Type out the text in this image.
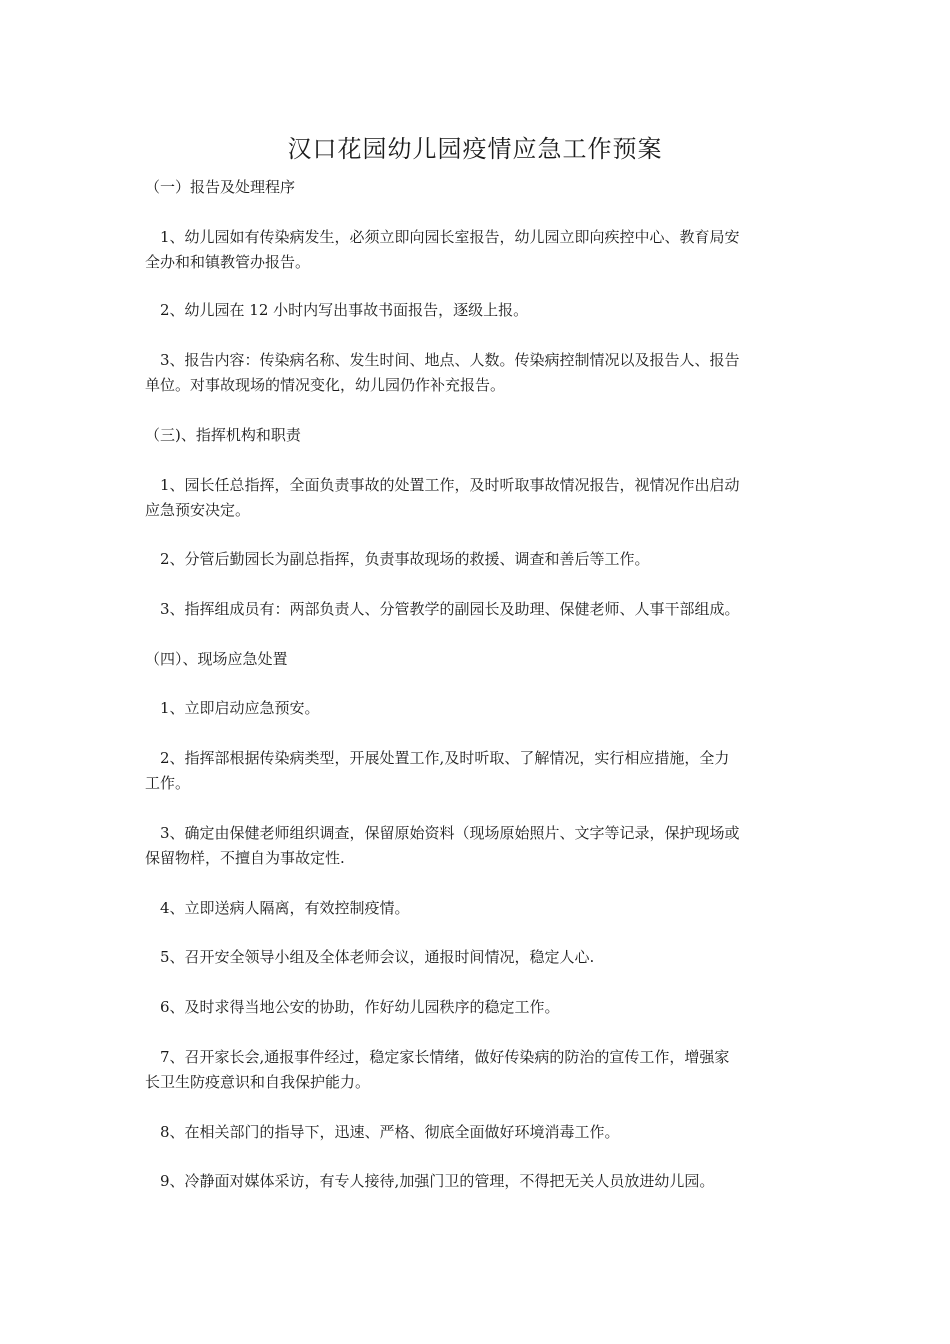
汉口花园幼儿园疫情应急工作预案
（一）报告及处理程序
1、幼儿园如有传染病发生，必须立即向园长室报告，幼儿园立即向疾控中心、教育局安
全办和和镇教管办报告。
2、幼儿园在 12 小时内写出事故书面报告，逐级上报。
3、报告内容：传染病名称、发生时间、地点、人数。传染病控制情况以及报告人、报告
单位。对事故现场的情况变化，幼儿园仍作补充报告。
（三)、指挥机构和职责
1、园长任总指挥，全面负责事故的处置工作，及时听取事故情况报告，视情况作出启动
应急预安决定。
2、分管后勤园长为副总指挥，负责事故现场的救援、调查和善后等工作。
3、指挥组成员有：两部负责人、分管教学的副园长及助理、保健老师、人事干部组成。
（四）、现场应急处置
1、立即启动应急预安。
2、指挥部根据传染病类型，开展处置工作,及时听取、了解情况，实行相应措施，全力
工作。
3、确定由保健老师组织调查，保留原始资料（现场原始照片、文字等记录，保护现场或
保留物样，不擅自为事故定性.
4、立即送病人隔离，有效控制疫情。
5、召开安全领导小组及全体老师会议，通报时间情况，稳定人心.
6、及时求得当地公安的协助，作好幼儿园秩序的稳定工作。
7、召开家长会,通报事件经过，稳定家长情绪，做好传染病的防治的宣传工作，增强家
长卫生防疫意识和自我保护能力。
8、在相关部门的指导下，迅速、严格、彻底全面做好环境消毒工作。
9、冷静面对媒体采访，有专人接待,加强门卫的管理，不得把无关人员放进幼儿园。
